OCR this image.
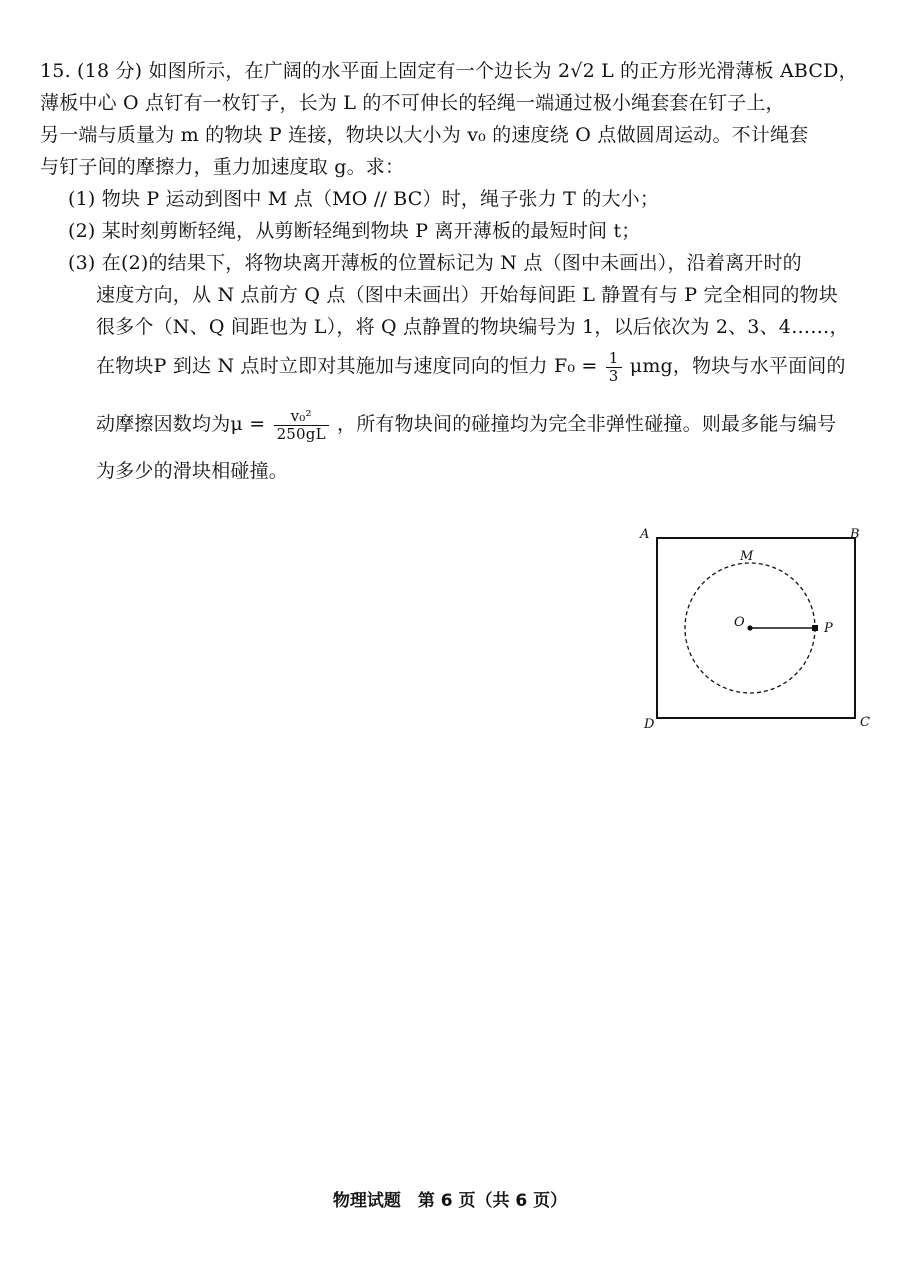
15. (18 分) 如图所示，在广阔的水平面上固定有一个边长为 2√2 L 的正方形光滑薄板 ABCD，
薄板中心 O 点钉有一枚钉子，长为 L 的不可伸长的轻绳一端通过极小绳套套在钉子上，
另一端与质量为 m 的物块 P 连接，物块以大小为 v₀ 的速度绕 O 点做圆周运动。不计绳套
与钉子间的摩擦力，重力加速度取 g。求：
(1) 物块 P 运动到图中 M 点（MO // BC）时，绳子张力 T 的大小；
(2) 某时刻剪断轻绳，从剪断轻绳到物块 P 离开薄板的最短时间 t；
(3) 在(2)的结果下，将物块离开薄板的位置标记为 N 点（图中未画出），沿着离开时的
速度方向，从 N 点前方 Q 点（图中未画出）开始每间距 L 静置有与 P 完全相同的物块
很多个（N、Q 间距也为 L），将 Q 点静置的物块编号为 1，以后依次为 2、3、4……，
在物块P 到达 N 点时立即对其施加与速度同向的恒力 $F_0 = \frac{1}{3}$ μmg，物块与水平面间的
动摩擦因数均为$\mu = \frac{\text{v₀²}}{250gL}$ ，所有物块间的碰撞均为完全非弹性碰撞。则最多能与编号
为多少的滑块相碰撞。
A	B
C
D
M
O	P
物理试题　第 6 页（共 6 页）
